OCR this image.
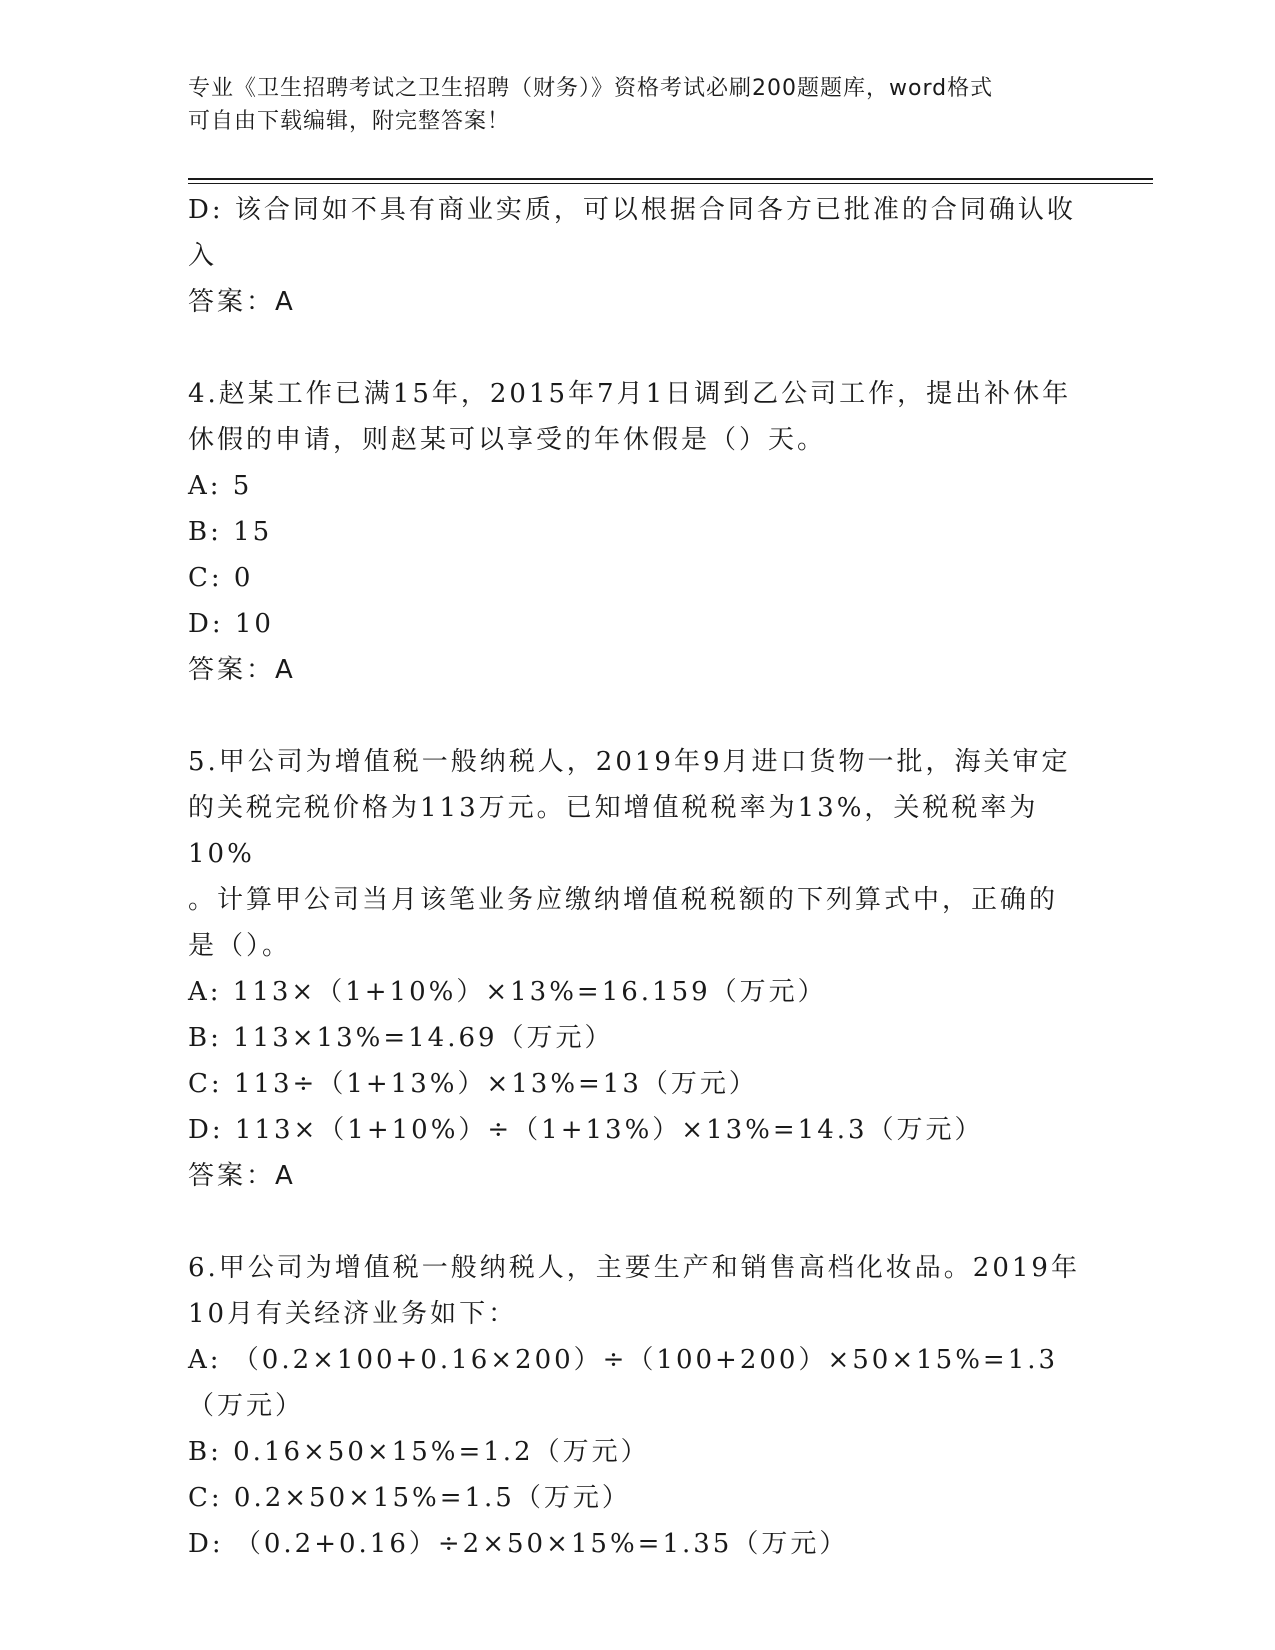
专业《卫生招聘考试之卫生招聘（财务）》资格考试必刷200题题库，word格式
可自由下载编辑，附完整答案！
D: 该合同如不具有商业实质，可以根据合同各方已批准的合同确认收
入
答案：A
4.赵某工作已满15年，2015年7月1日调到乙公司工作，提出补休年
休假的申请，则赵某可以享受的年休假是（）天。
A: 5
B: 15
C: 0
D: 10
答案：A
5.甲公司为增值税一般纳税人，2019年9月进口货物一批，海关审定
的关税完税价格为113万元。已知增值税税率为13%，关税税率为10%
。计算甲公司当月该笔业务应缴纳增值税税额的下列算式中，正确的
是（）。
A: 113×（1+10%）×13%=16.159（万元）
B: 113×13%=14.69（万元）
C: 113÷（1+13%）×13%=13（万元）
D: 113×（1+10%）÷（1+13%）×13%=14.3（万元）
答案：A
6.甲公司为增值税一般纳税人，主要生产和销售高档化妆品。2019年
10月有关经济业务如下：
A: （0.2×100+0.16×200）÷（100+200）×50×15%=1.3（万元）
B: 0.16×50×15%=1.2（万元）
C: 0.2×50×15%=1.5（万元）
D: （0.2+0.16）÷2×50×15%=1.35（万元）
